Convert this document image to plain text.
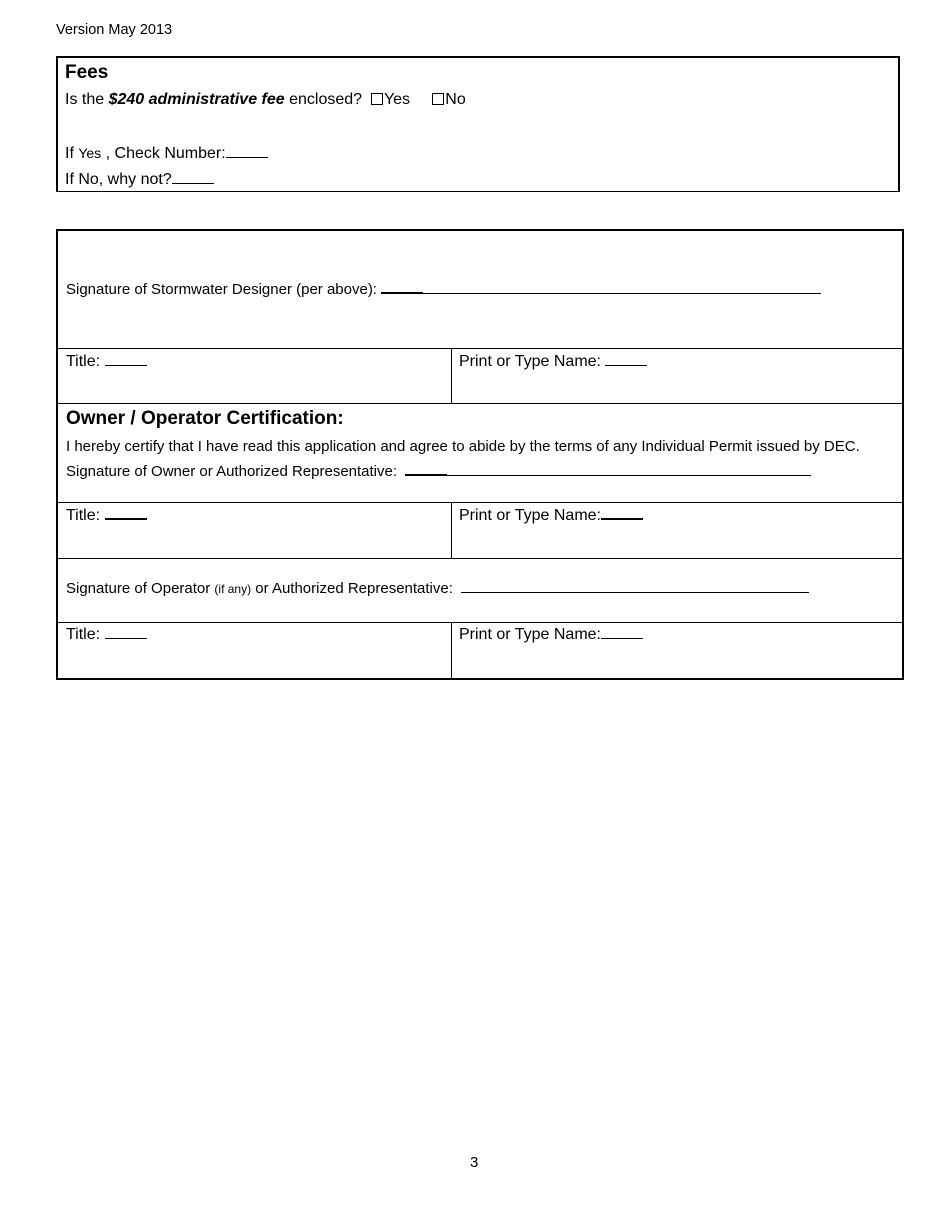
Version May 2013
Fees
Is the $240 administrative fee enclosed? Yes No
If Yes , Check Number:
If No, why not?
Signature of Stormwater Designer (per above):
Title:	Print or Type Name:
Owner / Operator Certification:
I hereby certify that I have read this application and agree to abide by the terms of any Individual Permit issued by DEC.
Signature of Owner or Authorized Representative:
Title:	Print or Type Name:
Signature of Operator (if any) or Authorized Representative:
Title:	Print or Type Name:
3
